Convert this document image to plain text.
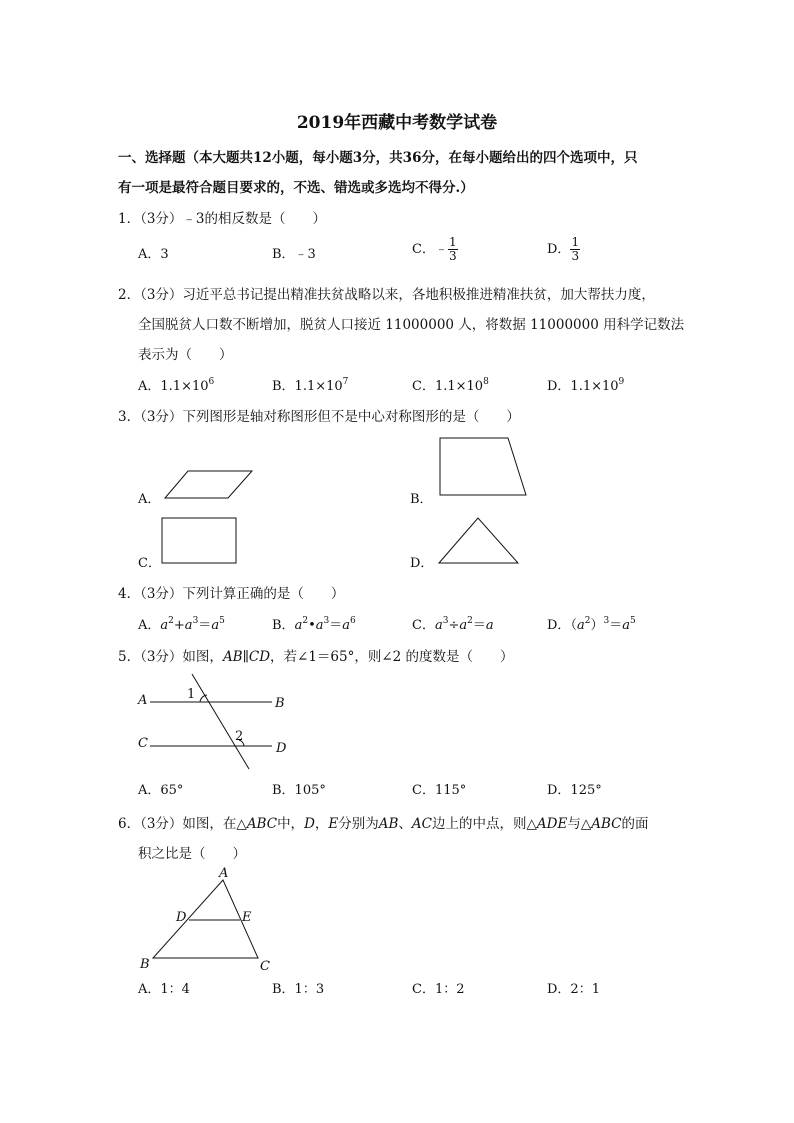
2019年西藏中考数学试卷
一、选择题（本大题共12小题，每小题3分，共36分，在每小题给出的四个选项中，只
有一项是最符合题目要求的，不选、错选或多选均不得分.）
1．（3分）﹣3的相反数是（　　）
A．3	B．﹣3	C．﹣ $\frac{1}{3}$	D． $\frac{1}{3}$
2．（3分）习近平总书记提出精准扶贫战略以来，各地积极推进精准扶贫，加大帮扶力度，
全国脱贫人口数不断增加，脱贫人口接近 11000000 人，将数据 11000000 用科学记数法
表示为（　　）
A．$1.1\times 10^6$	B．$1.1\times 10^7$	C．$1.1\times 10^8$	D．$1.1\times 10^9$
3．（3分）下列图形是轴对称图形但不是中心对称图形的是（　　）
A．	B．
C．	D．
4．（3分）下列计算正确的是（　　）
A．$a^2+a^3=a^5$	B．$a^2•a^3=a^6$	C．$a^3\div a^2=a$	D．$(a^2)^3=a^5$
5．（3分）如图，AB∥CD，若∠1＝65°，则∠2 的度数是（　　）
A	B
C	D
1
2
A．65°	B．105°	C．115°	D．125°
6．（3分）如图，在△ABC中，D，E分别为AB、AC边上的中点，则△ADE与△ABC的面
积之比是（　　）
A
B	C
D	E
A．1：4	B．1：3	C．1：2	D．2：1
